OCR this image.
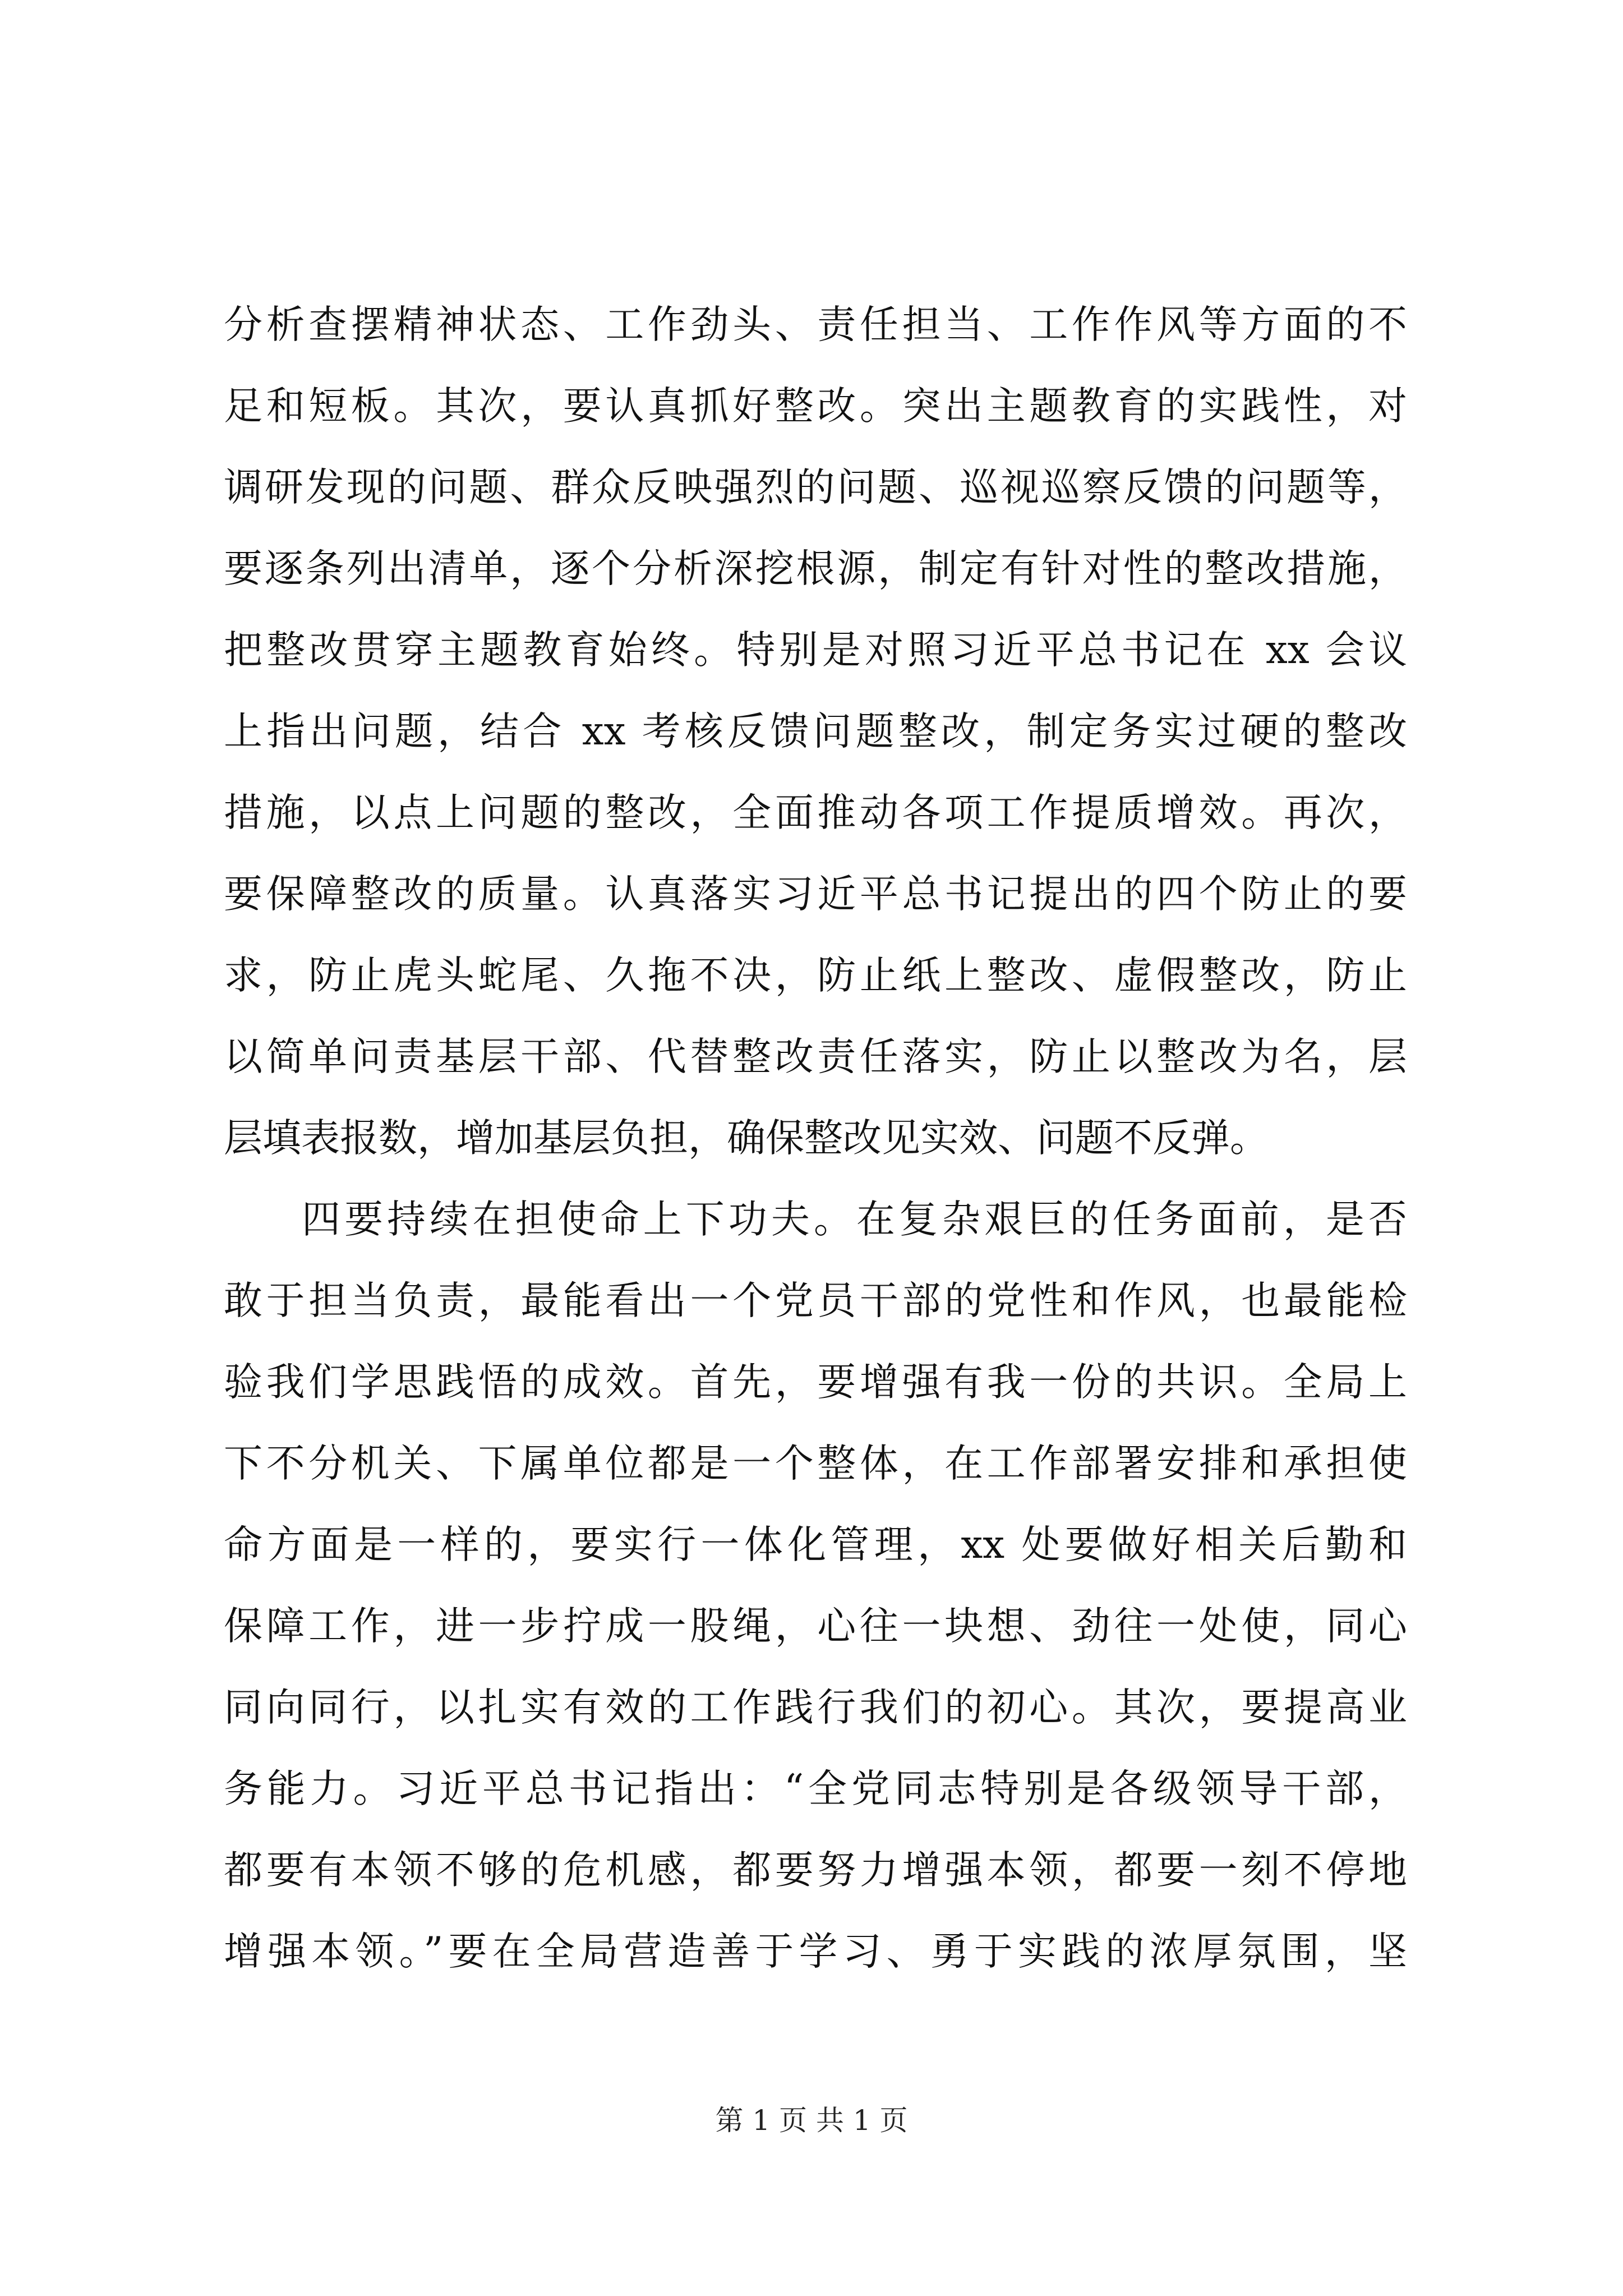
分析查摆精神状态、工作劲头、责任担当、工作作风等方面的不
足和短板。其次，要认真抓好整改。突出主题教育的实践性，对
调研发现的问题、群众反映强烈的问题、巡视巡察反馈的问题等，
要逐条列出清单，逐个分析深挖根源，制定有针对性的整改措施，
把整改贯穿主题教育始终。特别是对照习近平总书记在 xx 会议
上指出问题，结合 xx 考核反馈问题整改，制定务实过硬的整改
措施，以点上问题的整改，全面推动各项工作提质增效。再次，
要保障整改的质量。认真落实习近平总书记提出的四个防止的要
求，防止虎头蛇尾、久拖不决，防止纸上整改、虚假整改，防止
以简单问责基层干部、代替整改责任落实，防止以整改为名，层
层填表报数，增加基层负担，确保整改见实效、问题不反弹。
四要持续在担使命上下功夫。在复杂艰巨的任务面前，是否
敢于担当负责，最能看出一个党员干部的党性和作风，也最能检
验我们学思践悟的成效。首先，要增强有我一份的共识。全局上
下不分机关、下属单位都是一个整体，在工作部署安排和承担使
命方面是一样的，要实行一体化管理，xx 处要做好相关后勤和
保障工作，进一步拧成一股绳，心往一块想、劲往一处使，同心
同向同行，以扎实有效的工作践行我们的初心。其次，要提高业
务能力。习近平总书记指出：“全党同志特别是各级领导干部，
都要有本领不够的危机感，都要努力增强本领，都要一刻不停地
增强本领。”要在全局营造善于学习、勇于实践的浓厚氛围，坚
第 1 页 共 1 页
